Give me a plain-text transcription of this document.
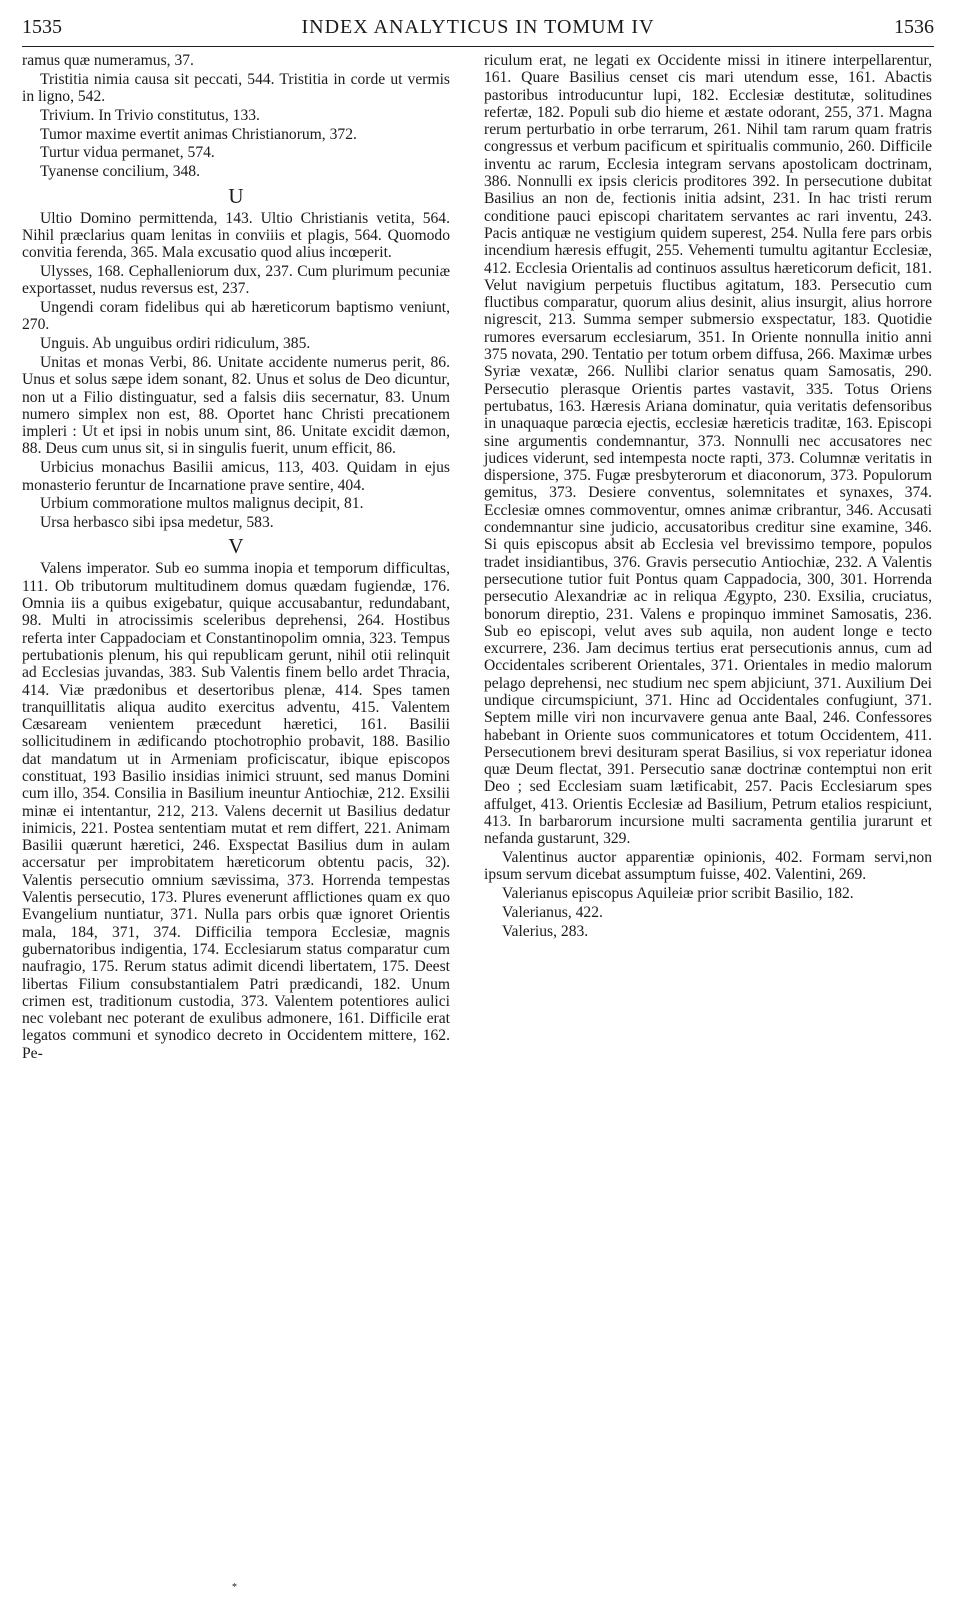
1535	INDEX ANALYTICUS IN TOMUM IV	1536

ramus quæ numeramus, 37.

Tristitia nimia causa sit peccati, 544. Tristitia in corde ut vermis in ligno, 542.

Trivium. In Trivio constitutus, 133.

Tumor maxime evertit animas Christianorum, 372.

Turtur vidua permanet, 574.

Tyanense concilium, 348.

U

Ultio Domino permittenda, 143. Ultio Christianis vetita, 564. Nihil præclarius quam lenitas in conviiis et plagis, 564. Quomodo convitia ferenda, 365. Mala excusatio quod alius incœperit.

Ulysses, 168. Cephalleniorum dux, 237. Cum plurimum pecuniæ exportasset, nudus reversus est, 237.

Ungendi coram fidelibus qui ab hæreticorum baptismo veniunt, 270.

Unguis. Ab unguibus ordiri ridiculum, 385.

Unitas et monas Verbi, 86. Unitate accidente numerus perit, 86. Unus et solus sæpe idem sonant, 82. Unus et solus de Deo dicuntur, non ut a Filio distinguatur, sed a falsis diis secernatur, 83. Unum numero simplex non est, 88. Oportet hanc Christi precationem impleri : Ut et ipsi in nobis unum sint, 86. Unitate excidit dæmon, 88. Deus cum unus sit, si in singulis fuerit, unum efficit, 86.

Urbicius monachus Basilii amicus, 113, 403. Quidam in ejus monasterio feruntur de Incarnatione prave sentire, 404.

Urbium commoratione multos malignus decipit, 81.

Ursa herbasco sibi ipsa medetur, 583.

V

Valens imperator. Sub eo summa inopia et temporum difficultas, 111. Ob tributorum multitudinem domus quædam fugiendæ, 176. Omnia iis a quibus exigebatur, quique accusabantur, redundabant, 98. Multi in atrocissimis sceleribus deprehensi, 264. Hostibus referta inter Cappadociam et Constantinopolim omnia, 323. Tempus pertubationis plenum, his qui republicam gerunt, nihil otii relinquit ad Ecclesias juvandas, 383. Sub Valentis finem bello ardet Thracia, 414. Viæ prædonibus et desertoribus plenæ, 414. Spes tamen tranquillitatis aliqua audito exercitus adventu, 415. Valentem Cæsaream venientem præcedunt hæretici, 161. Basilii sollicitudinem in ædificando ptochotrophio probavit, 188. Basilio dat mandatum ut in Armeniam proficiscatur, ibique episcopos constituat, 193 Basilio insidias inimici struunt, sed manus Domini cum illo, 354. Consilia in Basilium ineuntur Antiochiæ, 212. Exsilii minæ ei intentantur, 212, 213. Valens decernit ut Basilius dedatur inimicis, 221. Postea sententiam mutat et rem differt, 221. Animam Basilii quærunt hæretici, 246. Exspectat Basilius dum in aulam accersatur per improbitatem hæreticorum obtentu pacis, 32). Valentis persecutio omnium sævissima, 373. Horrenda tempestas Valentis persecutio, 173. Plures evenerunt afflictiones quam ex quo Evangelium nuntiatur, 371. Nulla pars orbis quæ ignoret Orientis mala, 184, 371, 374. Difficilia tempora Ecclesiæ, magnis gubernatoribus indigentia, 174. Ecclesiarum status comparatur cum naufragio, 175. Rerum status adimit dicendi libertatem, 175. Deest libertas Filium consubstantialem Patri prædicandi, 182. Unum crimen est, traditionum custodia, 373. Valentem potentiores aulici nec volebant nec poterant de exulibus admonere, 161. Difficile erat legatos communi et synodico decreto in Occidentem mittere, 162. Pe-

riculum erat, ne legati ex Occidente missi in itinere interpellarentur, 161. Quare Basilius censet cis mari utendum esse, 161. Abactis pastoribus introducuntur lupi, 182. Ecclesiæ destitutæ, solitudines refertæ, 182. Populi sub dio hieme et æstate odorant, 255, 371. Magna rerum perturbatio in orbe terrarum, 261. Nihil tam rarum quam fratris congressus et verbum pacificum et spiritualis communio, 260. Difficile inventu ac rarum, Ecclesia integram servans apostolicam doctrinam, 386. Nonnulli ex ipsis clericis proditores 392. In persecutione dubitat Basilius an non de, fectionis initia adsint, 231. In hac tristi rerum conditione pauci episcopi charitatem servantes ac rari inventu, 243. Pacis antiquæ ne vestigium quidem superest, 254. Nulla fere pars orbis incendium hæresis effugit, 255. Vehementi tumultu agitantur Ecclesiæ, 412. Ecclesia Orientalis ad continuos assultus hæreticorum deficit, 181. Velut navigium perpetuis fluctibus agitatum, 183. Persecutio cum fluctibus comparatur, quorum alius desinit, alius insurgit, alius horrore nigrescit, 213. Summa semper submersio exspectatur, 183. Quotidie rumores eversarum ecclesiarum, 351. In Oriente nonnulla initio anni 375 novata, 290. Tentatio per totum orbem diffusa, 266. Maximæ urbes Syriæ vexatæ, 266. Nullibi clarior senatus quam Samosatis, 290. Persecutio plerasque Orientis partes vastavit, 335. Totus Oriens pertubatus, 163. Hæresis Ariana dominatur, quia veritatis defensoribus in unaquaque parœcia ejectis, ecclesiæ hæreticis traditæ, 163. Episcopi sine argumentis condemnantur, 373. Nonnulli nec accusatores nec judices viderunt, sed intempesta nocte rapti, 373. Columnæ veritatis in dispersione, 375. Fugæ presbyterorum et diaconorum, 373. Populorum gemitus, 373. Desiere conventus, solemnitates et synaxes, 374. Ecclesiæ omnes commoventur, omnes animæ cribrantur, 346. Accusati condemnantur sine judicio, accusatoribus creditur sine examine, 346. Si quis episcopus absit ab Ecclesia vel brevissimo tempore, populos tradet insidiantibus, 376. Gravis persecutio Antiochiæ, 232. A Valentis persecutione tutior fuit Pontus quam Cappadocia, 300, 301. Horrenda persecutio Alexandriæ ac in reliqua Ægypto, 230. Exsilia, cruciatus, bonorum direptio, 231. Valens e propinquo imminet Samosatis, 236. Sub eo episcopi, velut aves sub aquila, non audent longe e tecto excurrere, 236. Jam decimus tertius erat persecutionis annus, cum ad Occidentales scriberent Orientales, 371. Orientales in medio malorum pelago deprehensi, nec studium nec spem abjiciunt, 371. Auxilium Dei undique circumspiciunt, 371. Hinc ad Occidentales confugiunt, 371. Septem mille viri non incurvavere genua ante Baal, 246. Confessores habebant in Oriente suos communicatores et totum Occidentem, 411. Persecutionem brevi desituram sperat Basilius, si vox reperiatur idonea quæ Deum flectat, 391. Persecutio sanæ doctrinæ contemptui non erit Deo ; sed Ecclesiam suam lætificabit, 257. Pacis Ecclesiarum spes affulget, 413. Orientis Ecclesiæ ad Basilium, Petrum etalios respiciunt, 413. In barbarorum incursione multi sacramenta gentilia jurarunt et nefanda gustarunt, 329.

Valentinus auctor apparentiæ opinionis, 402. Formam servi,non ipsum servum dicebat assumptum fuisse, 402. Valentini, 269.

Valerianus episcopus Aquileiæ prior scribit Basilio, 182.

Valerianus, 422.

Valerius, 283.

*
